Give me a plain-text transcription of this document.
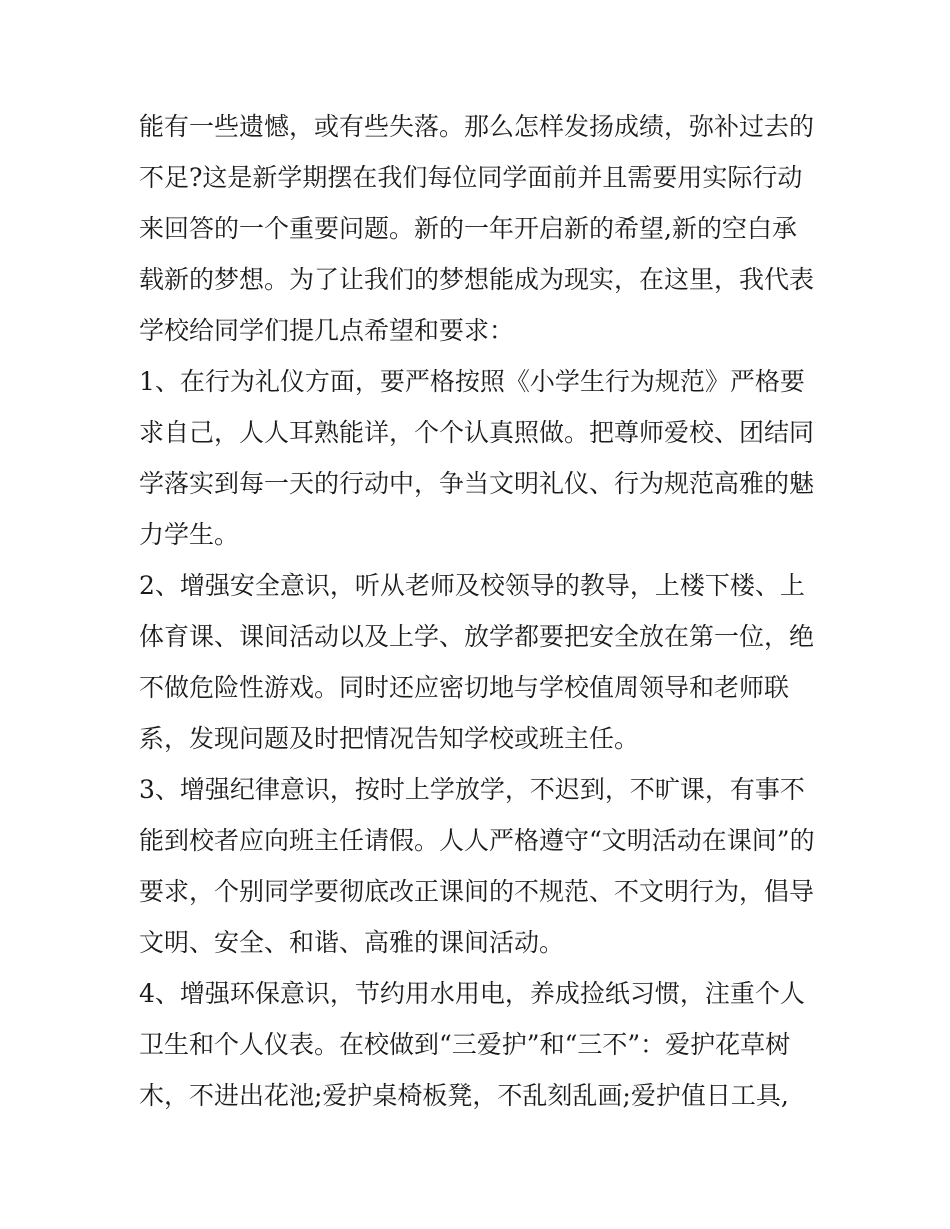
能有一些遗憾，或有些失落。那么怎样发扬成绩，弥补过去的
不足?这是新学期摆在我们每位同学面前并且需要用实际行动
来回答的一个重要问题。新的一年开启新的希望,新的空白承
载新的梦想。为了让我们的梦想能成为现实，在这里，我代表
学校给同学们提几点希望和要求：
1、在行为礼仪方面，要严格按照《小学生行为规范》严格要
求自己，人人耳熟能详，个个认真照做。把尊师爱校、团结同
学落实到每一天的行动中，争当文明礼仪、行为规范高雅的魅
力学生。
2、增强安全意识，听从老师及校领导的教导，上楼下楼、上
体育课、课间活动以及上学、放学都要把安全放在第一位，绝
不做危险性游戏。同时还应密切地与学校值周领导和老师联
系，发现问题及时把情况告知学校或班主任。
3、增强纪律意识，按时上学放学，不迟到，不旷课，有事不
能到校者应向班主任请假。人人严格遵守“文明活动在课间”的
要求，个别同学要彻底改正课间的不规范、不文明行为，倡导
文明、安全、和谐、高雅的课间活动。
4、增强环保意识，节约用水用电，养成捡纸习惯，注重个人
卫生和个人仪表。在校做到“三爱护”和“三不”：爱护花草树
木，不进出花池;爱护桌椅板凳，不乱刻乱画;爱护值日工具,
